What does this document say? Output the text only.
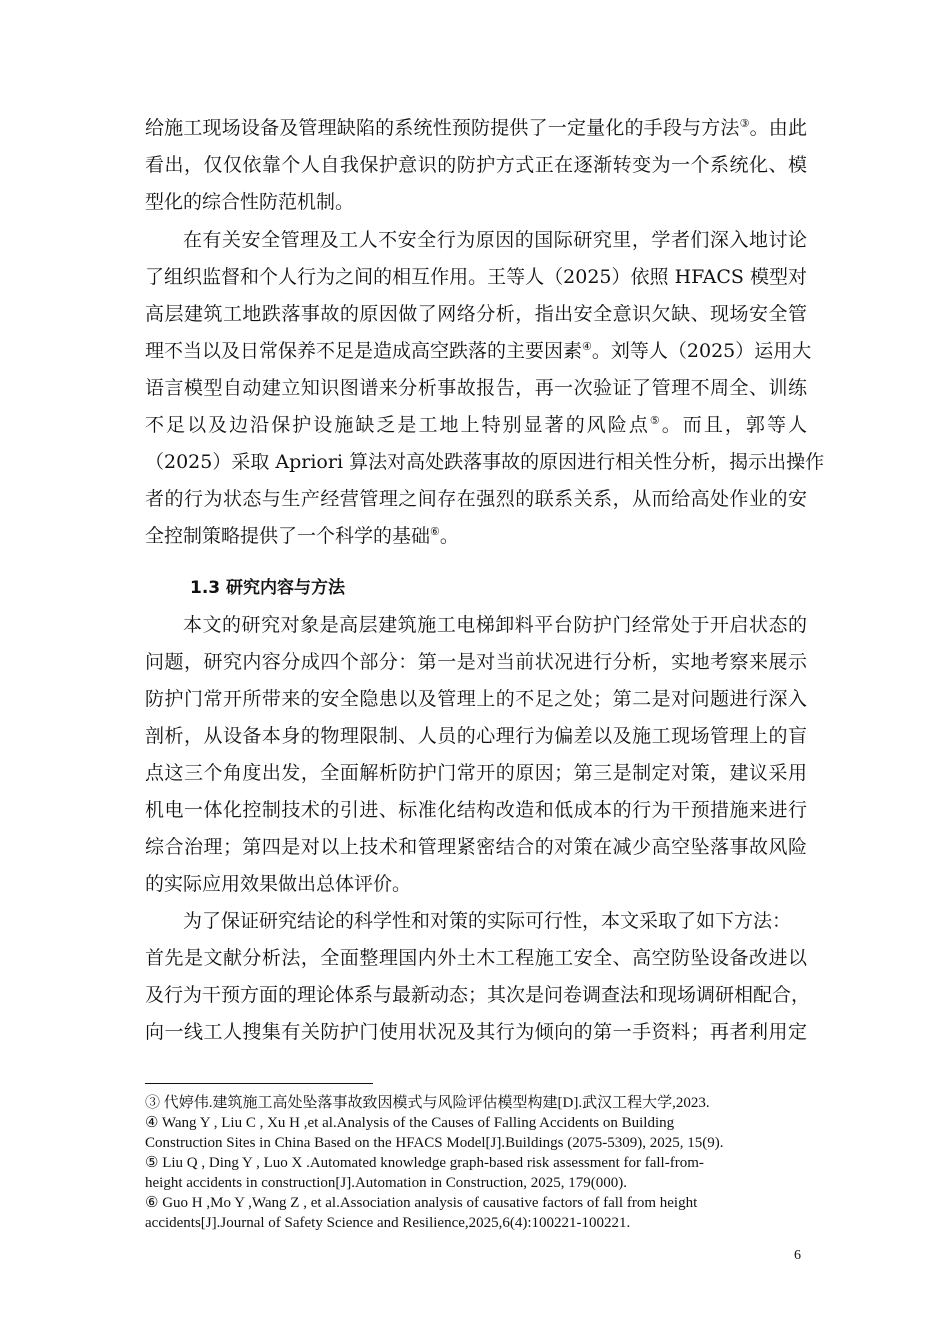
给施工现场设备及管理缺陷的系统性预防提供了一定量化的手段与方法③。由此
看出，仅仅依靠个人自我保护意识的防护方式正在逐渐转变为一个系统化、模
型化的综合性防范机制。
在有关安全管理及工人不安全行为原因的国际研究里，学者们深入地讨论
了组织监督和个人行为之间的相互作用。王等人（2025）依照 HFACS 模型对
高层建筑工地跌落事故的原因做了网络分析，指出安全意识欠缺、现场安全管
理不当以及日常保养不足是造成高空跌落的主要因素④。刘等人（2025）运用大
语言模型自动建立知识图谱来分析事故报告，再一次验证了管理不周全、训练
不足以及边沿保护设施缺乏是工地上特别显著的风险点⑤。而且，郭等人
（2025）采取 Apriori 算法对高处跌落事故的原因进行相关性分析，揭示出操作
者的行为状态与生产经营管理之间存在强烈的联系关系，从而给高处作业的安
全控制策略提供了一个科学的基础⑥。
1.3 研究内容与方法
本文的研究对象是高层建筑施工电梯卸料平台防护门经常处于开启状态的
问题，研究内容分成四个部分：第一是对当前状况进行分析，实地考察来展示
防护门常开所带来的安全隐患以及管理上的不足之处；第二是对问题进行深入
剖析，从设备本身的物理限制、人员的心理行为偏差以及施工现场管理上的盲
点这三个角度出发，全面解析防护门常开的原因；第三是制定对策，建议采用
机电一体化控制技术的引进、标准化结构改造和低成本的行为干预措施来进行
综合治理；第四是对以上技术和管理紧密结合的对策在减少高空坠落事故风险
的实际应用效果做出总体评价。
为了保证研究结论的科学性和对策的实际可行性，本文采取了如下方法：
首先是文献分析法，全面整理国内外土木工程施工安全、高空防坠设备改进以
及行为干预方面的理论体系与最新动态；其次是问卷调查法和现场调研相配合，
向一线工人搜集有关防护门使用状况及其行为倾向的第一手资料；再者利用定
③ 代婷伟.建筑施工高处坠落事故致因模式与风险评估模型构建[D].武汉工程大学,2023.
④ Wang Y , Liu C , Xu H ,et al.Analysis of the Causes of Falling Accidents on Building
Construction Sites in China Based on the HFACS Model[J].Buildings (2075-5309), 2025, 15(9).
⑤ Liu Q , Ding Y , Luo X .Automated knowledge graph-based risk assessment for fall-from-
height accidents in construction[J].Automation in Construction, 2025, 179(000).
⑥ Guo H ,Mo Y ,Wang Z , et al.Association analysis of causative factors of fall from height
accidents[J].Journal of Safety Science and Resilience,2025,6(4):100221-100221.
6
